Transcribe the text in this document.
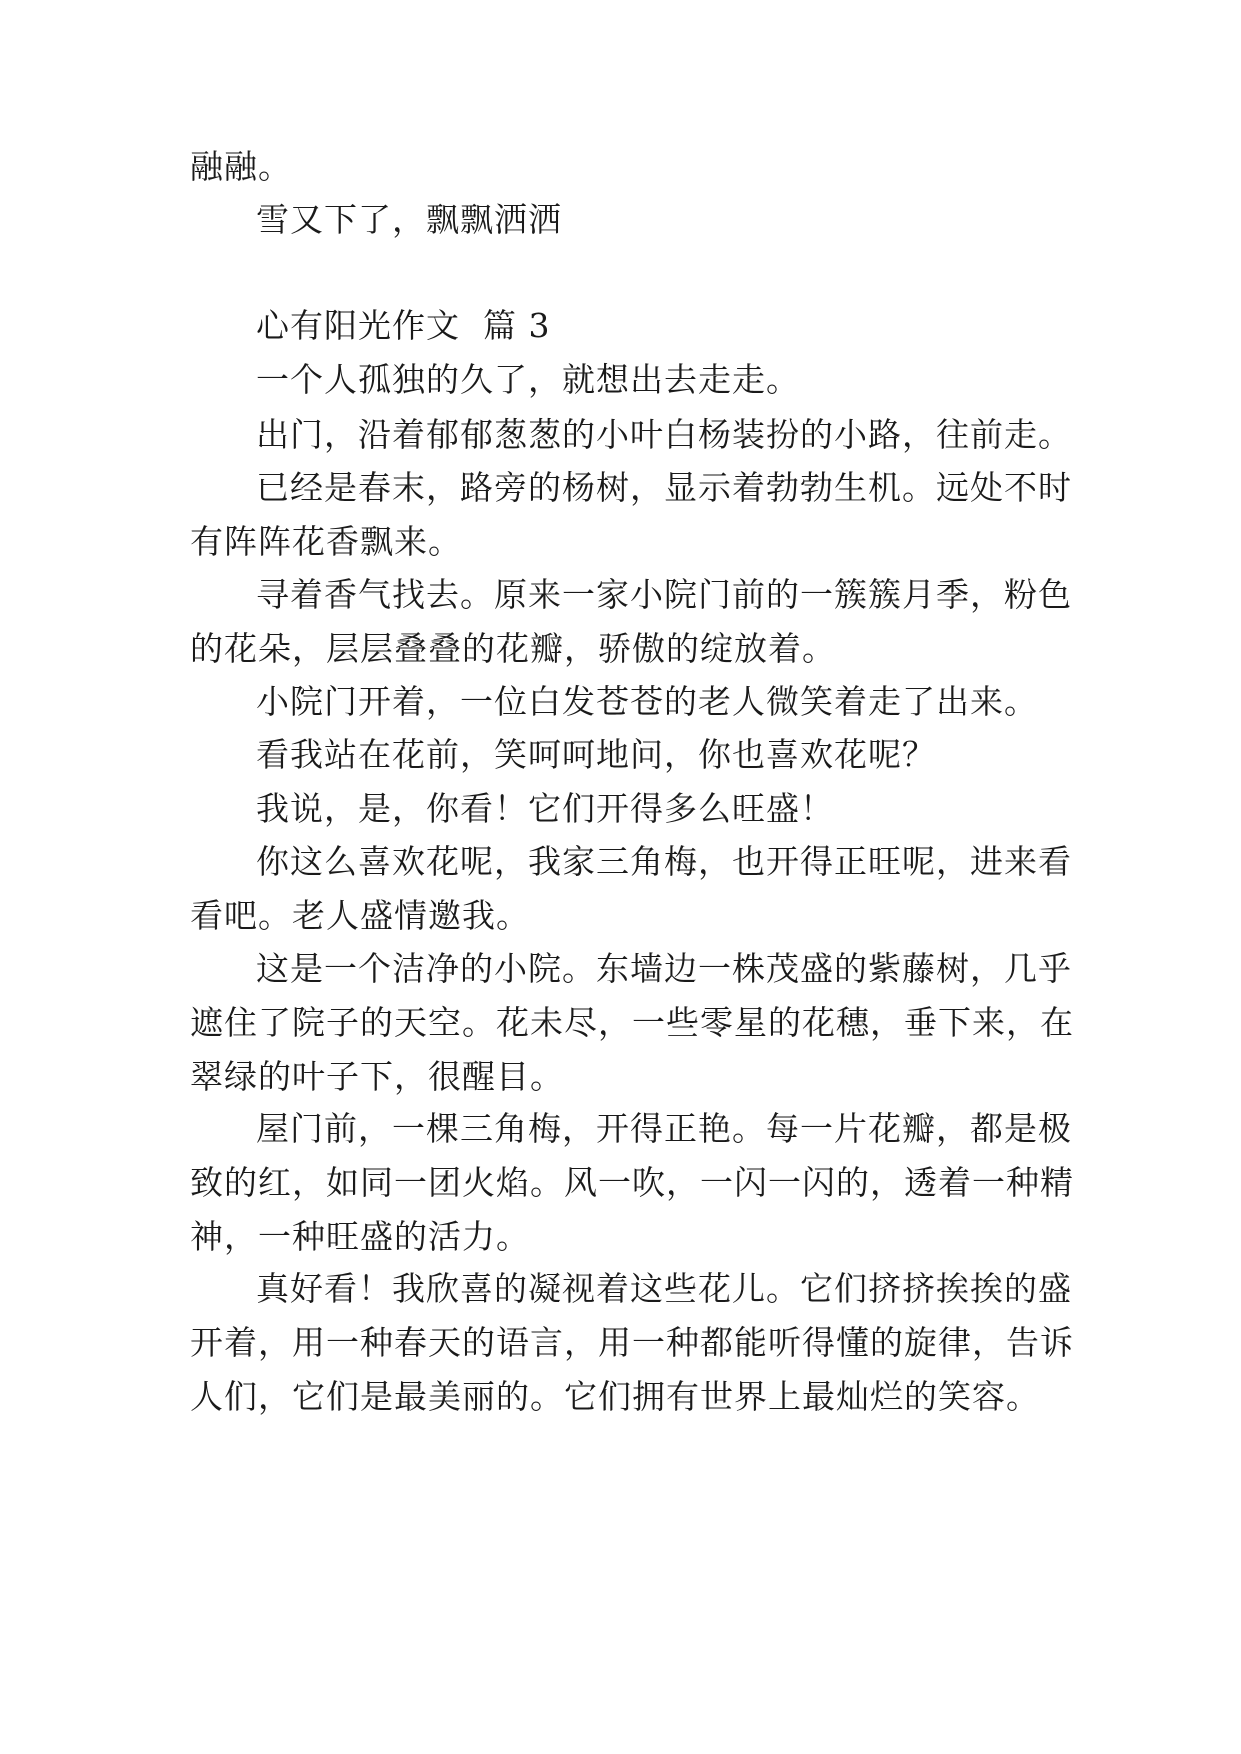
融融。
雪又下了，飘飘洒洒
心有阳光作文  篇 3
一个人孤独的久了，就想出去走走。
出门，沿着郁郁葱葱的小叶白杨装扮的小路，往前走。
已经是春末，路旁的杨树，显示着勃勃生机。远处不时
有阵阵花香飘来。
寻着香气找去。原来一家小院门前的一簇簇月季，粉色
的花朵，层层叠叠的花瓣，骄傲的绽放着。
小院门开着，一位白发苍苍的老人微笑着走了出来。
看我站在花前，笑呵呵地问，你也喜欢花呢？
我说，是，你看！它们开得多么旺盛！
你这么喜欢花呢，我家三角梅，也开得正旺呢，进来看
看吧。老人盛情邀我。
这是一个洁净的小院。东墙边一株茂盛的紫藤树，几乎
遮住了院子的天空。花未尽，一些零星的花穗，垂下来，在
翠绿的叶子下，很醒目。
屋门前，一棵三角梅，开得正艳。每一片花瓣，都是极
致的红，如同一团火焰。风一吹，一闪一闪的，透着一种精
神，一种旺盛的活力。
真好看！我欣喜的凝视着这些花儿。它们挤挤挨挨的盛
开着，用一种春天的语言，用一种都能听得懂的旋律，告诉
人们，它们是最美丽的。它们拥有世界上最灿烂的笑容。
